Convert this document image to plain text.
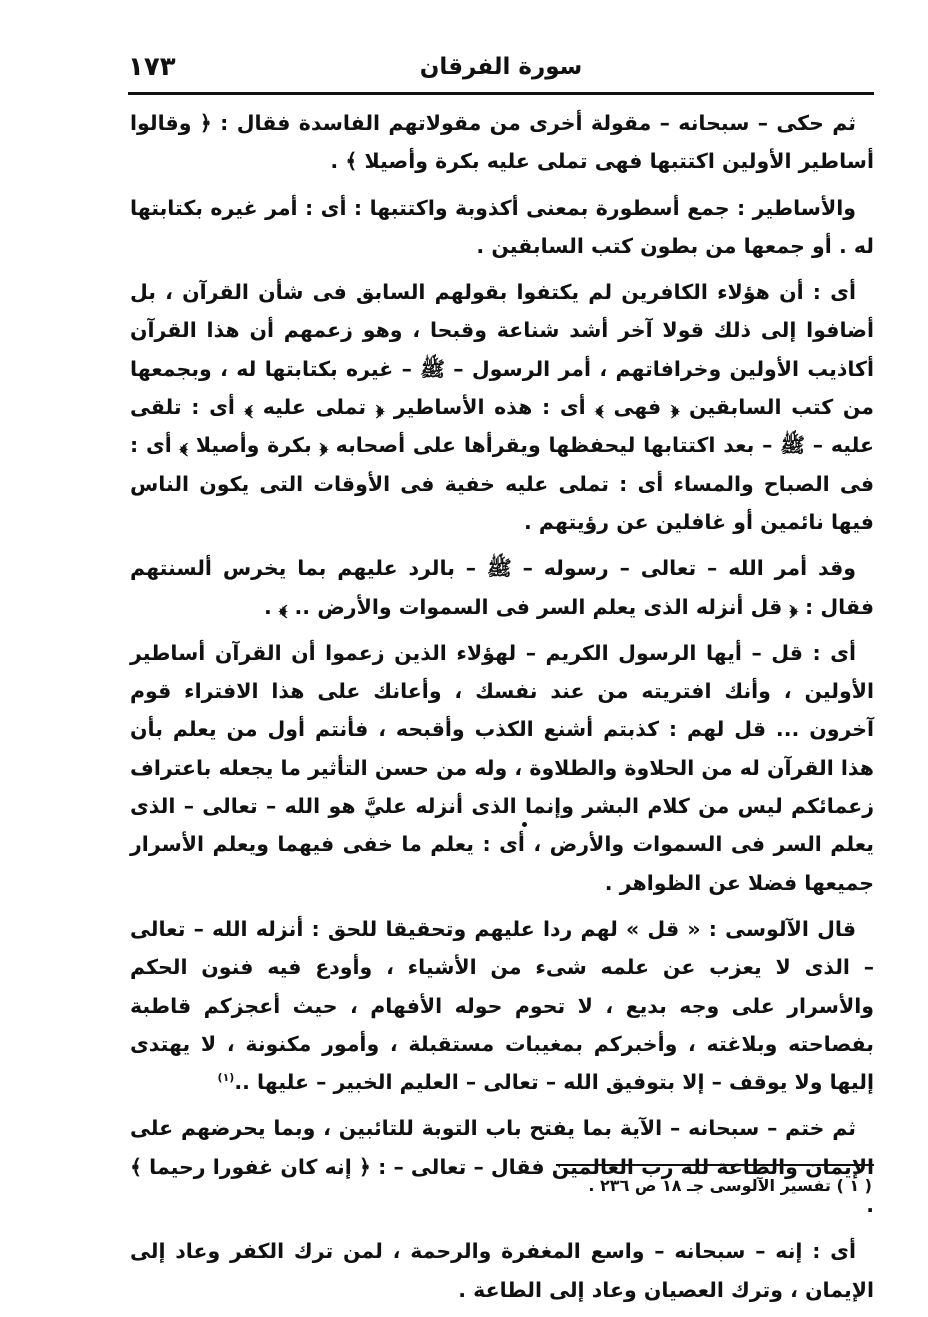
سورة الفرقان
١٧٣

ثم حكى – سبحانه – مقولة أخرى من مقولاتهم الفاسدة فقال : ﴿ وقالوا أساطير الأولين اكتتبها فهى تملى عليه بكرة وأصيلا ﴾ .

والأساطير : جمع أسطورة بمعنى أكذوبة واكتتبها : أى : أمر غيره بكتابتها له . أو جمعها من بطون كتب السابقين .

أى : أن هؤلاء الكافرين لم يكتفوا بقولهم السابق فى شأن القرآن ، بل أضافوا إلى ذلك قولا آخر أشد شناعة وقبحا ، وهو زعمهم أن هذا القرآن أكاذيب الأولين وخرافاتهم ، أمر الرسول – ﷺ – غيره بكتابتها له ، وبجمعها من كتب السابقين ﴿ فهى ﴾ أى : هذه الأساطير ﴿ تملى عليه ﴾ أى : تلقى عليه – ﷺ – بعد اكتتابها ليحفظها ويقرأها على أصحابه ﴿ بكرة وأصيلا ﴾ أى : فى الصباح والمساء أى : تملى عليه خفية فى الأوقات التى يكون الناس فيها نائمين أو غافلين عن رؤيتهم .

وقد أمر الله – تعالى – رسوله – ﷺ – بالرد عليهم بما يخرس ألسنتهم فقال : ﴿ قل أنزله الذى يعلم السر فى السموات والأرض .. ﴾ .

أى : قل – أيها الرسول الكريم – لهؤلاء الذين زعموا أن القرآن أساطير الأولين ، وأنك افتريته من عند نفسك ، وأعانك على هذا الافتراء قوم آخرون ... قل لهم : كذبتم أشنع الكذب وأقبحه ، فأنتم أول من يعلم بأن هذا القرآن له من الحلاوة والطلاوة ، وله من حسن التأثير ما يجعله باعتراف زعمائكم ليس من كلام البشر وإنما الذى أنزله عليَّ هو الله – تعالى – الذى يعلم السر فى السموات والأرض ، أى : يعلم ما خفى فيهما ويعلم الأسرار جميعها فضلا عن الظواهر .

قال الآلوسى : « قل » لهم ردا عليهم وتحقيقا للحق : أنزله الله – تعالى – الذى لا يعزب عن علمه شىء من الأشياء ، وأودع فيه فنون الحكم والأسرار على وجه بديع ، لا تحوم حوله الأفهام ، حيث أعجزكم قاطبة بفصاحته وبلاغته ، وأخبركم بمغيبات مستقبلة ، وأمور مكنونة ، لا يهتدى إليها ولا يوقف – إلا بتوفيق الله – تعالى – العليم الخبير – عليها ..$^{(١)}$

ثم ختم – سبحانه – الآية بما يفتح باب التوبة للتائبين ، وبما يحرضهم على الإيمان والطاعة لله رب العالمين فقال – تعالى – : ﴿ إنه كان غفورا رحيما ﴾ .

أى : إنه – سبحانه – واسع المغفرة والرحمة ، لمن ترك الكفر وعاد إلى الإيمان ، وترك العصيان وعاد إلى الطاعة .

( ١ ) تفسير الآلوسى جـ ١٨ ص ٢٣٦ .
